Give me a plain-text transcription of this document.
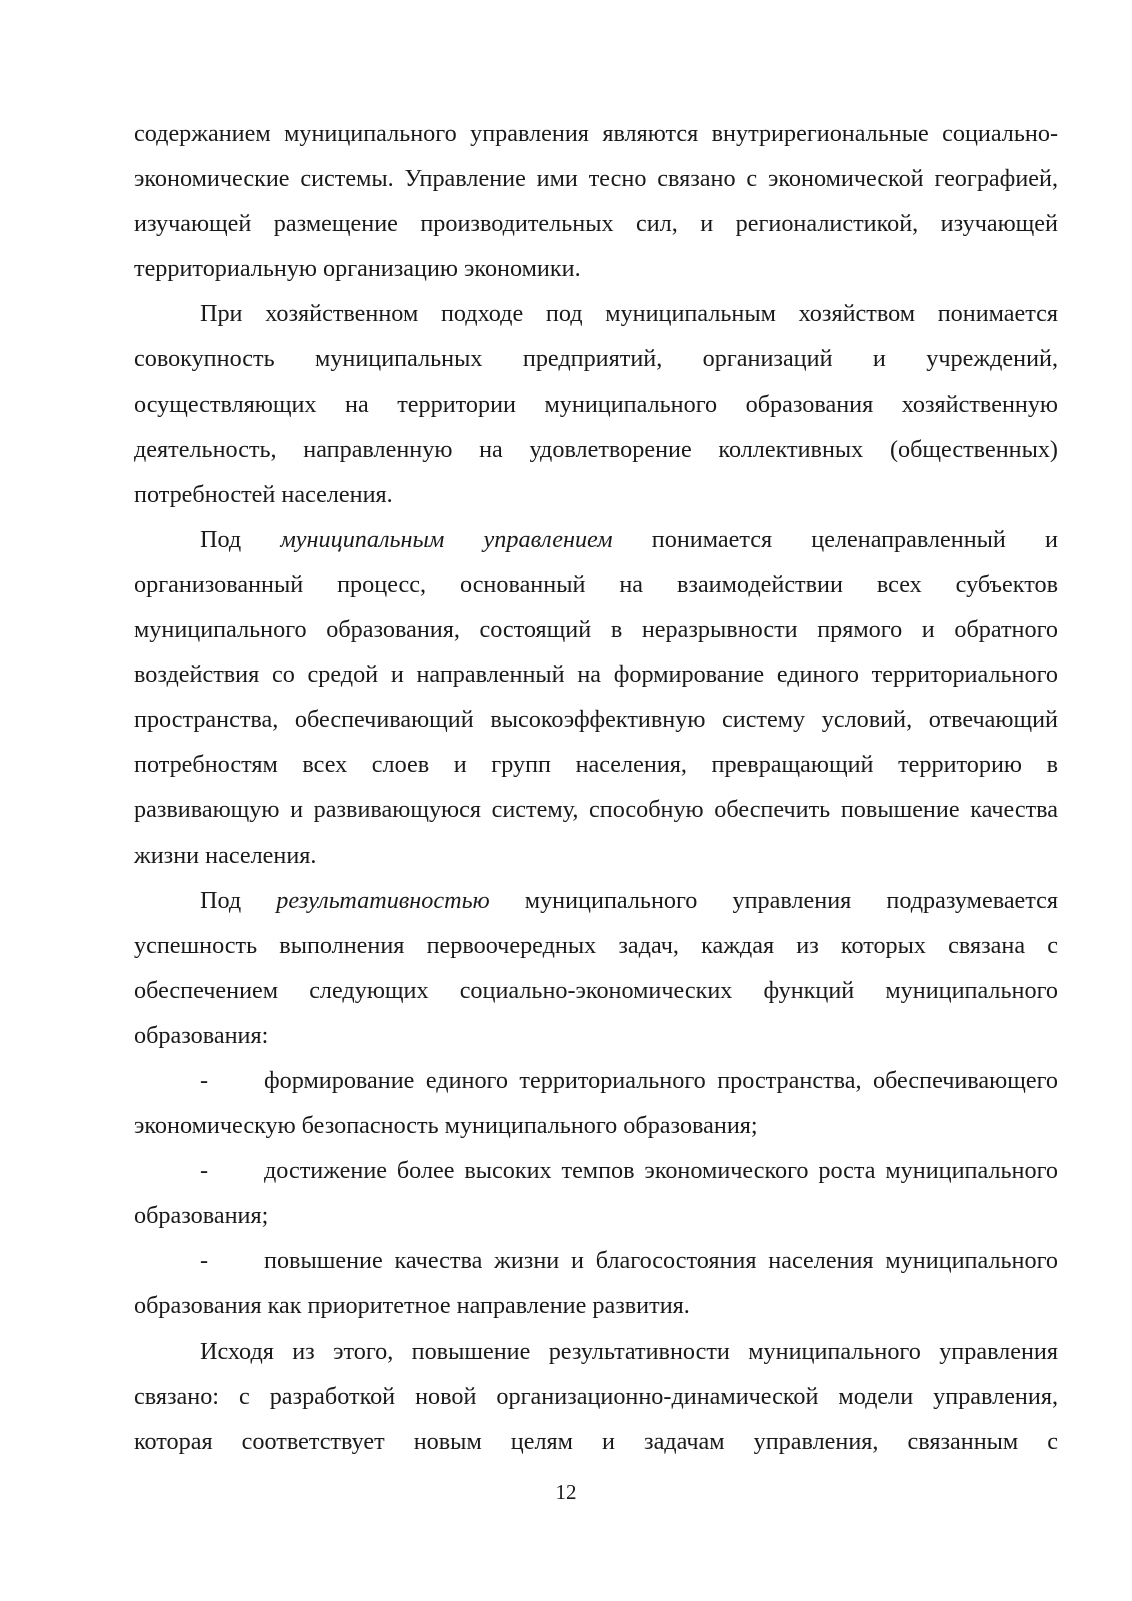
содержанием муниципального управления являются внутрирегиональные социально-экономические системы. Управление ими тесно связано с экономической географией, изучающей размещение производительных сил, и регионалистикой, изучающей территориальную организацию экономики.

При хозяйственном подходе под муниципальным хозяйством понимается совокупность муниципальных предприятий, организаций и учреждений, осуществляющих на территории муниципального образования хозяйственную деятельность, направленную на удовлетворение коллективных (общественных) потребностей населения.

Под муниципальным управлением понимается целенаправленный и организованный процесс, основанный на взаимодействии всех субъектов муниципального образования, состоящий в неразрывности прямого и обратного воздействия со средой и направленный на формирование единого территориального пространства, обеспечивающий высокоэффективную систему условий, отвечающий потребностям всех слоев и групп населения, превращающий территорию в развивающую и развивающуюся систему, способную обеспечить повышение качества жизни населения.

Под результативностью муниципального управления подразумевается успешность выполнения первоочередных задач, каждая из которых связана с обеспечением следующих социально-экономических функций муниципального образования:

- формирование единого территориального пространства, обеспечивающего экономическую безопасность муниципального образования;

- достижение более высоких темпов экономического роста муниципального образования;

- повышение качества жизни и благосостояния населения муниципального образования как приоритетное направление развития.

Исходя из этого, повышение результативности муниципального управления связано: с разработкой новой организационно-динамической модели управления, которая соответствует новым целям и задачам управления, связанным с

12
